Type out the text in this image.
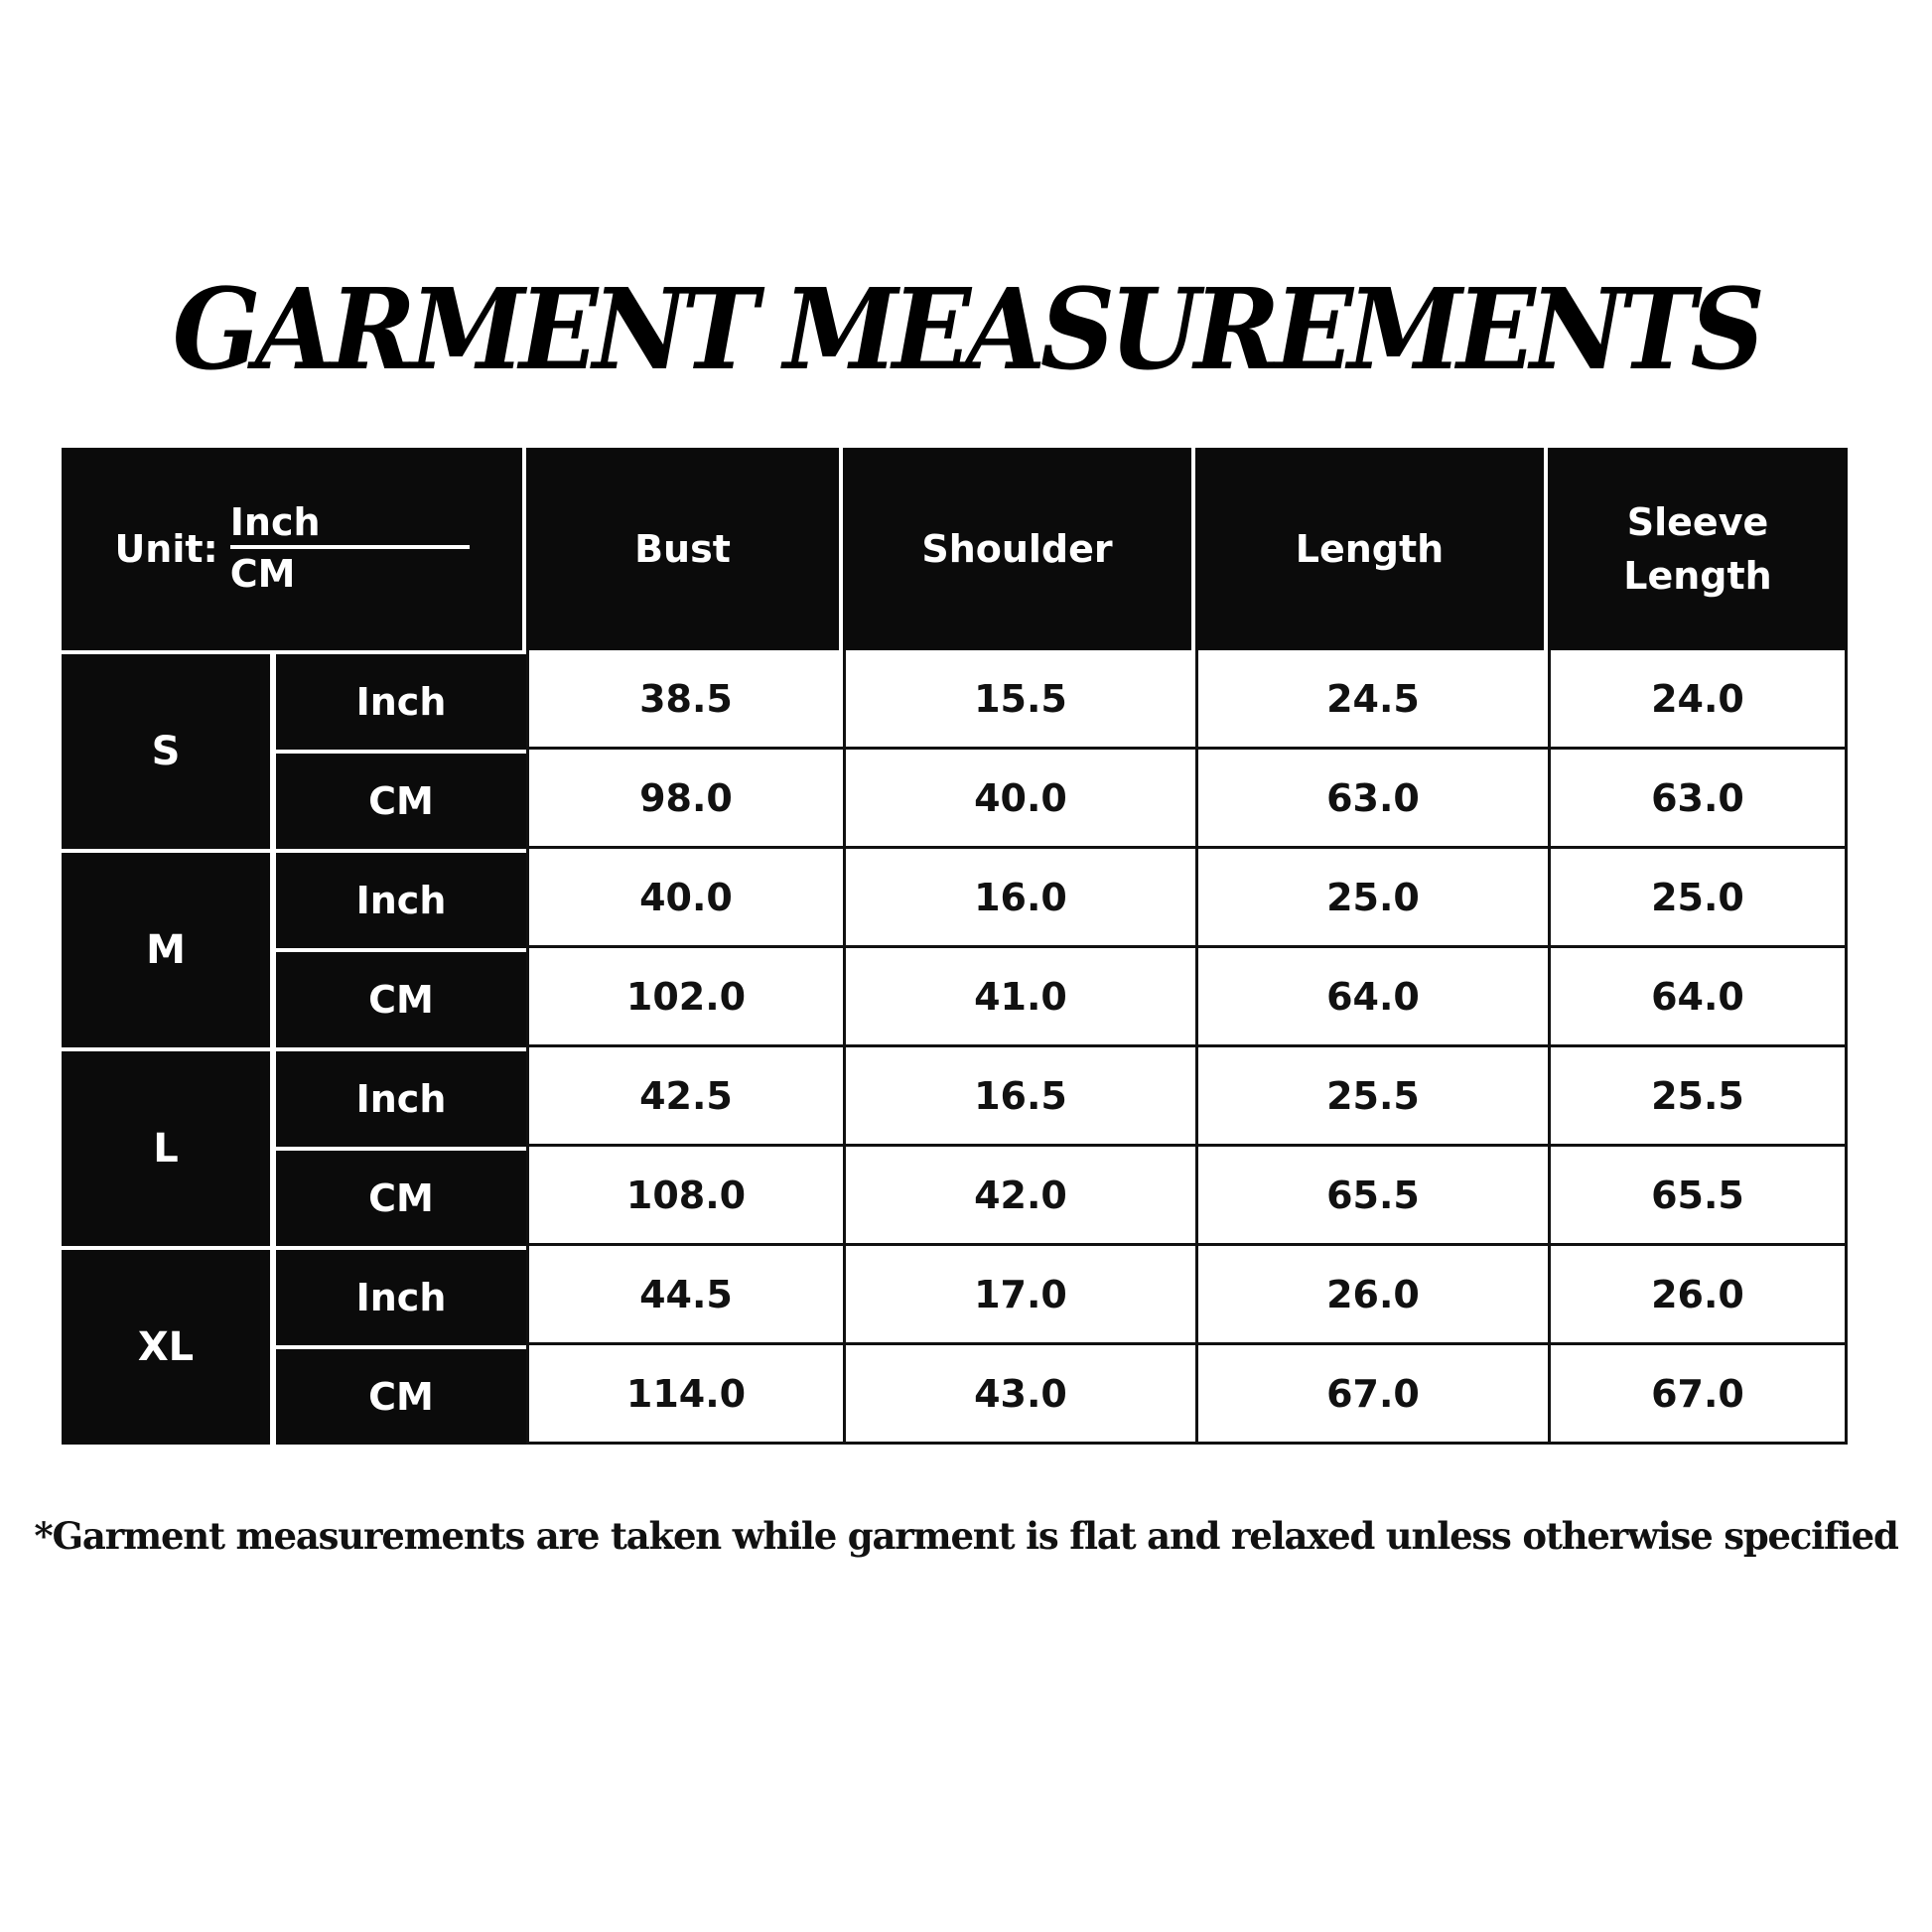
GARMENT MEASUREMENTS
Unit: $\frac{\text{Inch}}{CM}$		Bust	Shoulder	Length	Sleeve Length
S	Inch	38.5	15.5	24.5	24.0
	CM	98.0	40.0	63.0	63.0
M	Inch	40.0	16.0	25.0	25.0
	CM	102.0	41.0	64.0	64.0
L	Inch	42.5	16.5	25.5	25.5
	CM	108.0	42.0	65.5	65.5
XL	Inch	44.5	17.0	26.0	26.0
	CM	114.0	43.0	67.0	67.0
*Garment measurements are taken while garment is flat and relaxed unless otherwise specified
